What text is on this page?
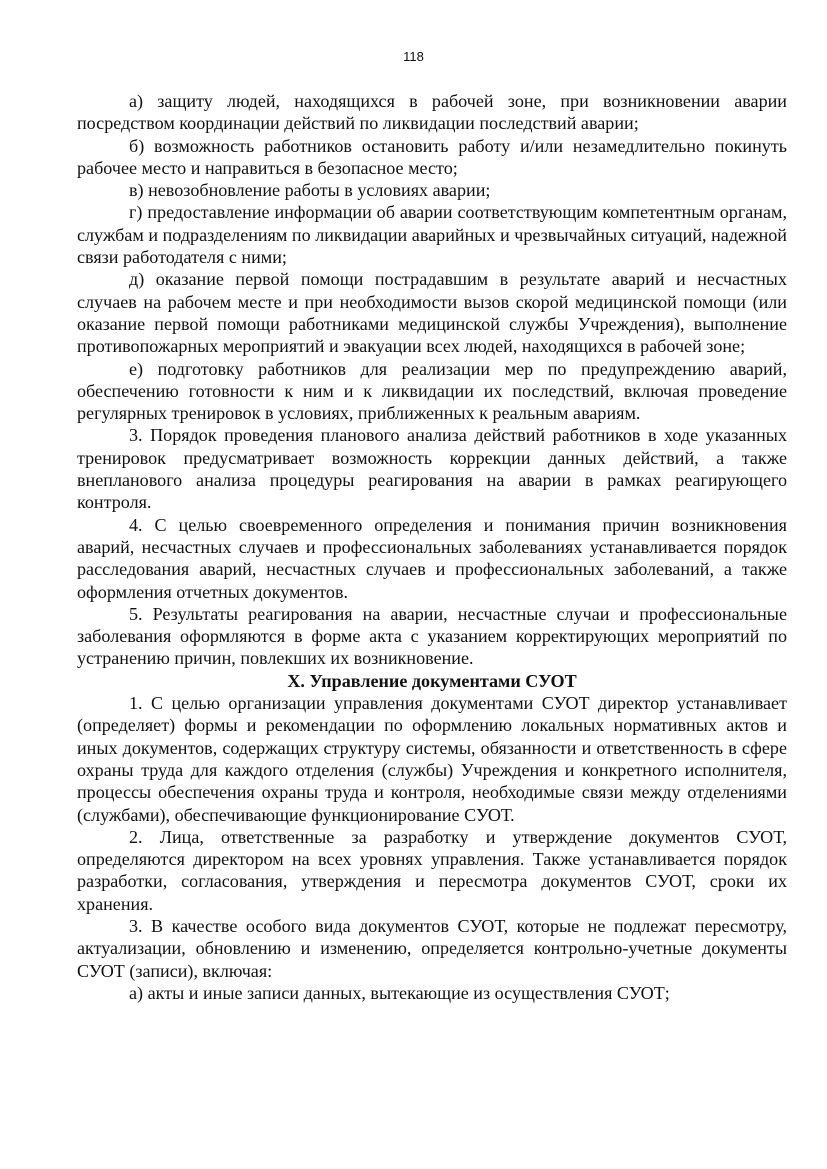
118

а) защиту людей, находящихся в рабочей зоне, при возникновении аварии посредством координации действий по ликвидации последствий аварии;

б) возможность работников остановить работу и/или незамедлительно покинуть рабочее место и направиться в безопасное место;

в) невозобновление работы в условиях аварии;

г) предоставление информации об аварии соответствующим компетентным органам, службам и подразделениям по ликвидации аварийных и чрезвычайных ситуаций, надежной связи работодателя с ними;

д) оказание первой помощи пострадавшим в результате аварий и несчастных случаев на рабочем месте и при необходимости вызов скорой медицинской помощи (или оказание первой помощи работниками медицинской службы Учреждения), выполнение противопожарных мероприятий и эвакуации всех людей, находящихся в рабочей зоне;

е) подготовку работников для реализации мер по предупреждению аварий, обеспечению готовности к ним и к ликвидации их последствий, включая проведение регулярных тренировок в условиях, приближенных к реальным авариям.

3. Порядок проведения планового анализа действий работников в ходе указанных тренировок предусматривает возможность коррекции данных действий, а также внепланового анализа процедуры реагирования на аварии в рамках реагирующего контроля.

4. С целью своевременного определения и понимания причин возникновения аварий, несчастных случаев и профессиональных заболеваниях устанавливается порядок расследования аварий, несчастных случаев и профессиональных заболеваний, а также оформления отчетных документов.

5. Результаты реагирования на аварии, несчастные случаи и профессиональные заболевания оформляются в форме акта с указанием корректирующих мероприятий по устранению причин, повлекших их возникновение.

X. Управление документами СУОТ

1. С целью организации управления документами СУОТ директор устанавливает (определяет) формы и рекомендации по оформлению локальных нормативных актов и иных документов, содержащих структуру системы, обязанности и ответственность в сфере охраны труда для каждого отделения (службы) Учреждения и конкретного исполнителя, процессы обеспечения охраны труда и контроля, необходимые связи между отделениями (службами), обеспечивающие функционирование СУОТ.

2. Лица, ответственные за разработку и утверждение документов СУОТ, определяются директором на всех уровнях управления. Также устанавливается порядок разработки, согласования, утверждения и пересмотра документов СУОТ, сроки их хранения.

3. В качестве особого вида документов СУОТ, которые не подлежат пересмотру, актуализации, обновлению и изменению, определяется контрольно-учетные документы СУОТ (записи), включая:

а) акты и иные записи данных, вытекающие из осуществления СУОТ;
